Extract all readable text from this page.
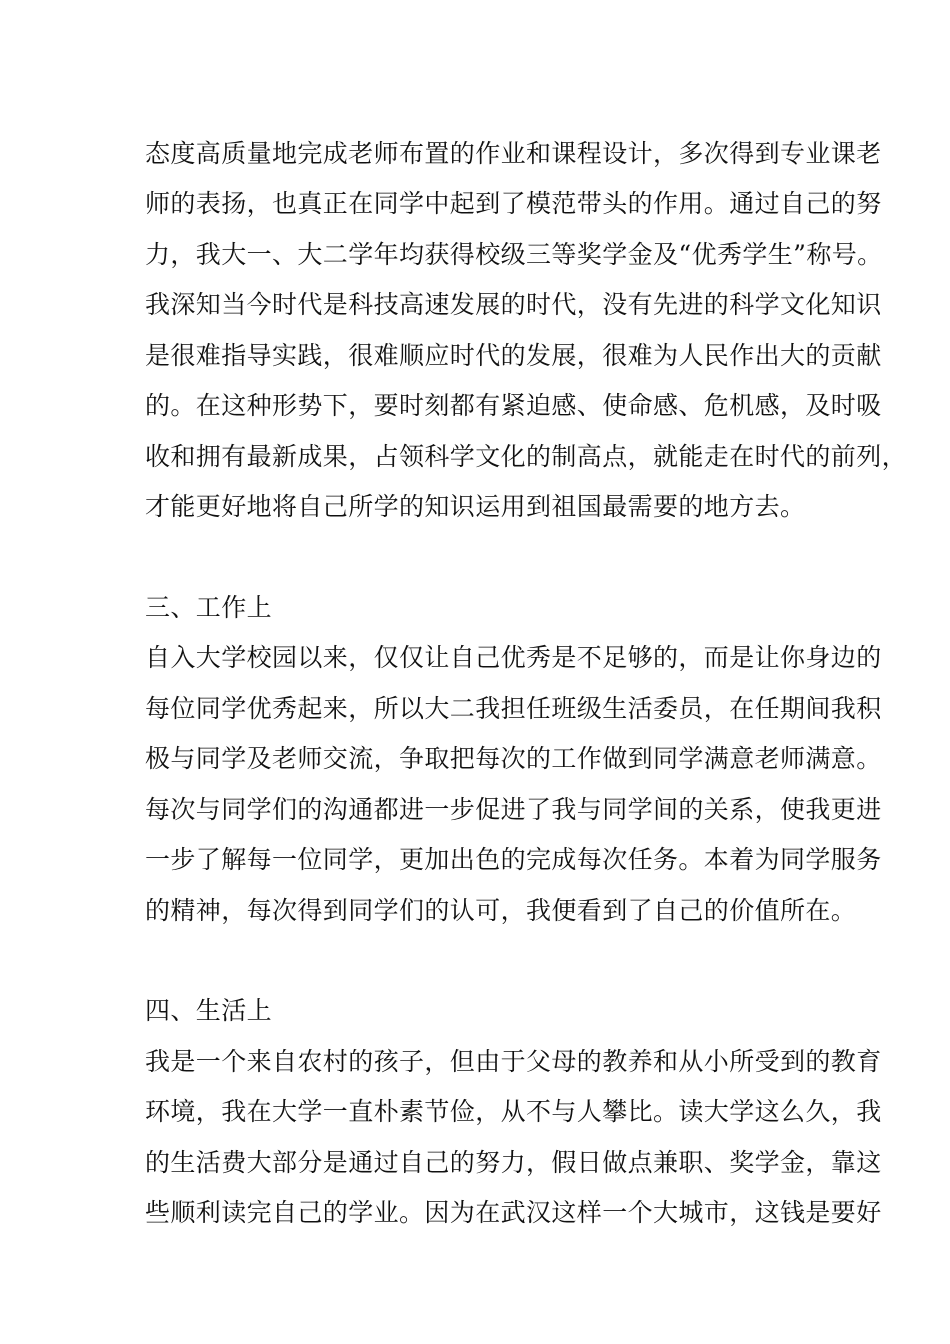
态度高质量地完成老师布置的作业和课程设计，多次得到专业课老
师的表扬，也真正在同学中起到了模范带头的作用。通过自己的努
力，我大一、大二学年均获得校级三等奖学金及“优秀学生”称号。
我深知当今时代是科技高速发展的时代，没有先进的科学文化知识
是很难指导实践，很难顺应时代的发展，很难为人民作出大的贡献
的。在这种形势下，要时刻都有紧迫感、使命感、危机感，及时吸
收和拥有最新成果，占领科学文化的制高点，就能走在时代的前列，
才能更好地将自己所学的知识运用到祖国最需要的地方去。
三、工作上
自入大学校园以来，仅仅让自己优秀是不足够的，而是让你身边的
每位同学优秀起来，所以大二我担任班级生活委员，在任期间我积
极与同学及老师交流，争取把每次的工作做到同学满意老师满意。
每次与同学们的沟通都进一步促进了我与同学间的关系，使我更进
一步了解每一位同学，更加出色的完成每次任务。本着为同学服务
的精神，每次得到同学们的认可，我便看到了自己的价值所在。
四、生活上
我是一个来自农村的孩子，但由于父母的教养和从小所受到的教育
环境，我在大学一直朴素节俭，从不与人攀比。读大学这么久，我
的生活费大部分是通过自己的努力，假日做点兼职、奖学金，靠这
些顺利读完自己的学业。因为在武汉这样一个大城市，这钱是要好
